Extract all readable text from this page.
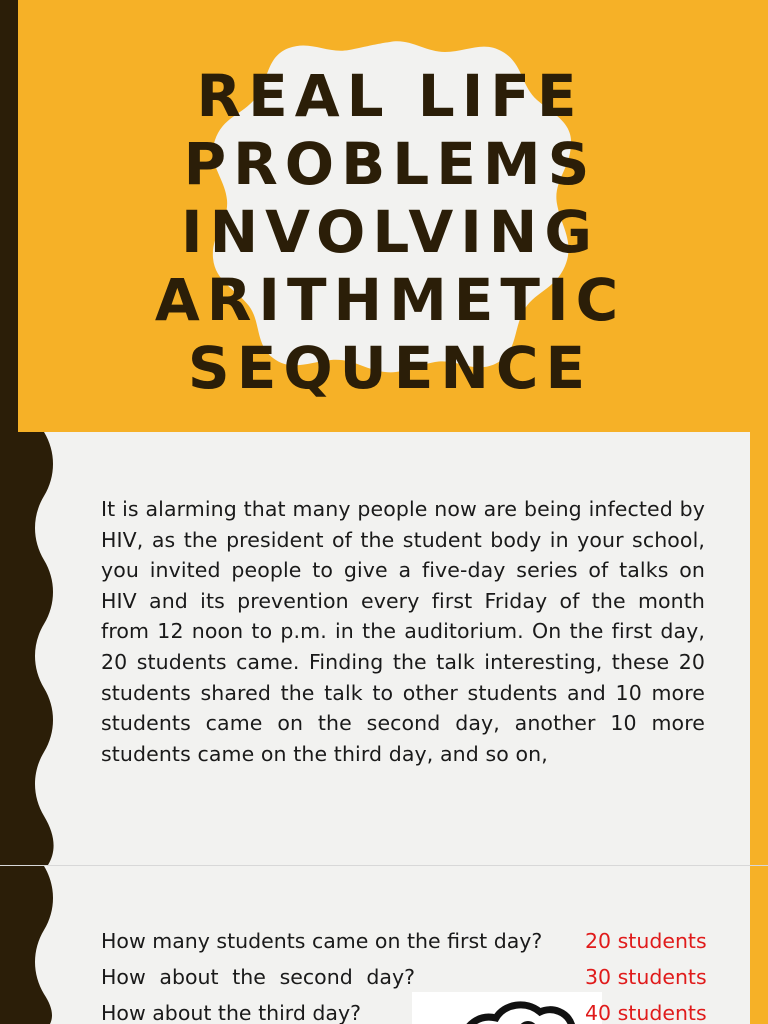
REAL LIFE PROBLEMS INVOLVING ARITHMETIC SEQUENCE

It is alarming that many people now are being infected by HIV, as the president of the student body in your school, you invited people to give a five-day series of talks on HIV and its prevention every first Friday of the month from 12 noon to p.m. in the auditorium. On the first day, 20 students came. Finding the talk interesting, these 20 students shared the talk to other students and 10 more students came on the second day, another 10 more students came on the third day, and so on,

How many students came on the first day?	20 students

How about the second day?	30 students

How about the third day?	40 students
